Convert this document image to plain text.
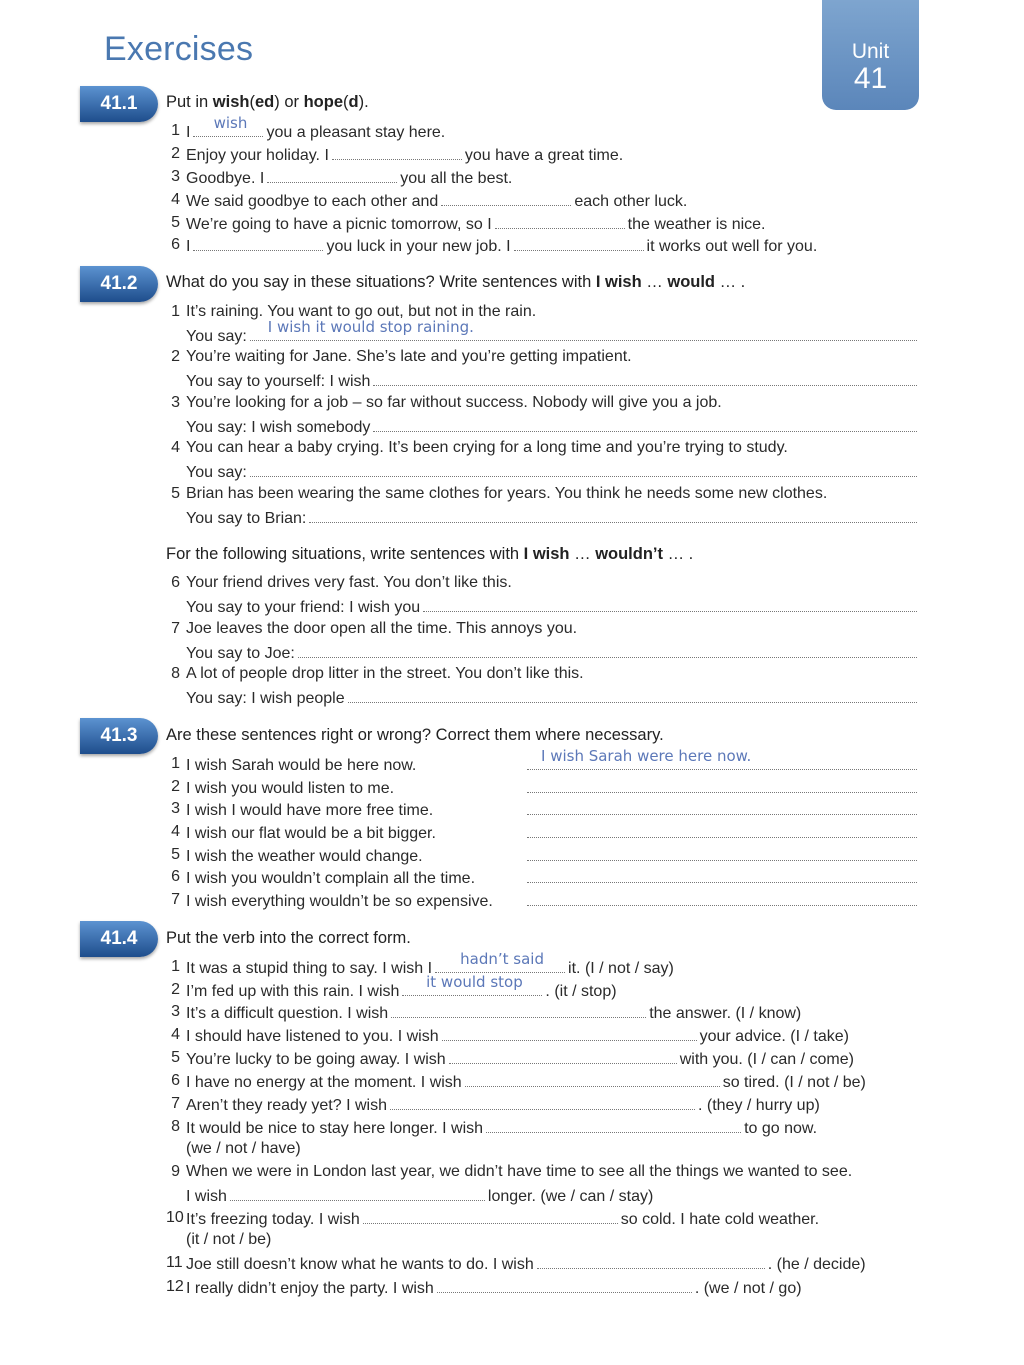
Exercises	Unit
41
41.1	Put in wish(ed) or hope(d).
1 I
wish
you a pleasant stay here.
2 Enjoy your holiday. I	you have a great time.
3 Goodbye. I	you all the best.
4 We said goodbye to each other and	each other luck.
5 We’re going to have a picnic tomorrow, so I	the weather is nice.
6 I	you luck in your new job. I	it works out well for you.
41.2	What do you say in these situations? Write sentences with I wish … would … .
1 It’s raining. You want to go out, but not in the rain.
You say:
I wish it would stop raining.
2 You’re waiting for Jane. She’s late and you’re getting impatient.
You say to yourself: I wish
3 You’re looking for a job – so far without success. Nobody will give you a job.
You say: I wish somebody
4 You can hear a baby crying. It’s been crying for a long time and you’re trying to study.
You say:
5 Brian has been wearing the same clothes for years. You think he needs some new clothes.
You say to Brian:
For the following situations, write sentences with I wish … wouldn’t … .
6 Your friend drives very fast. You don’t like this.
You say to your friend: I wish you
7 Joe leaves the door open all the time. This annoys you.
You say to Joe:
8 A lot of people drop litter in the street. You don’t like this.
You say: I wish people
41.3	Are these sentences right or wrong? Correct them where necessary.
1 I wish Sarah would be here now.
I wish Sarah were here now.
2 I wish you would listen to me.
3 I wish I would have more free time.
4 I wish our flat would be a bit bigger.
5 I wish the weather would change.
6 I wish you wouldn’t complain all the time.
7 I wish everything wouldn’t be so expensive.
41.4	Put the verb into the correct form.
1 It was a stupid thing to say. I wish I
hadn’t said
it. (I / not / say)
2 I’m fed up with this rain. I wish
it would stop
. (it / stop)
3 It’s a difficult question. I wish	the answer. (I / know)
4 I should have listened to you. I wish	your advice. (I / take)
5 You’re lucky to be going away. I wish	with you. (I / can / come)
6 I have no energy at the moment. I wish	so tired. (I / not / be)
7 Aren’t they ready yet? I wish	. (they / hurry up)
8 It would be nice to stay here longer. I wish	to go now.
(we / not / have)
9 When we were in London last year, we didn’t have time to see all the things we wanted to see.
I wish	longer. (we / can / stay)
10 It’s freezing today. I wish	so cold. I hate cold weather.
(it / not / be)
11 Joe still doesn’t know what he wants to do. I wish	. (he / decide)
12 I really didn’t enjoy the party. I wish	. (we / not / go)
